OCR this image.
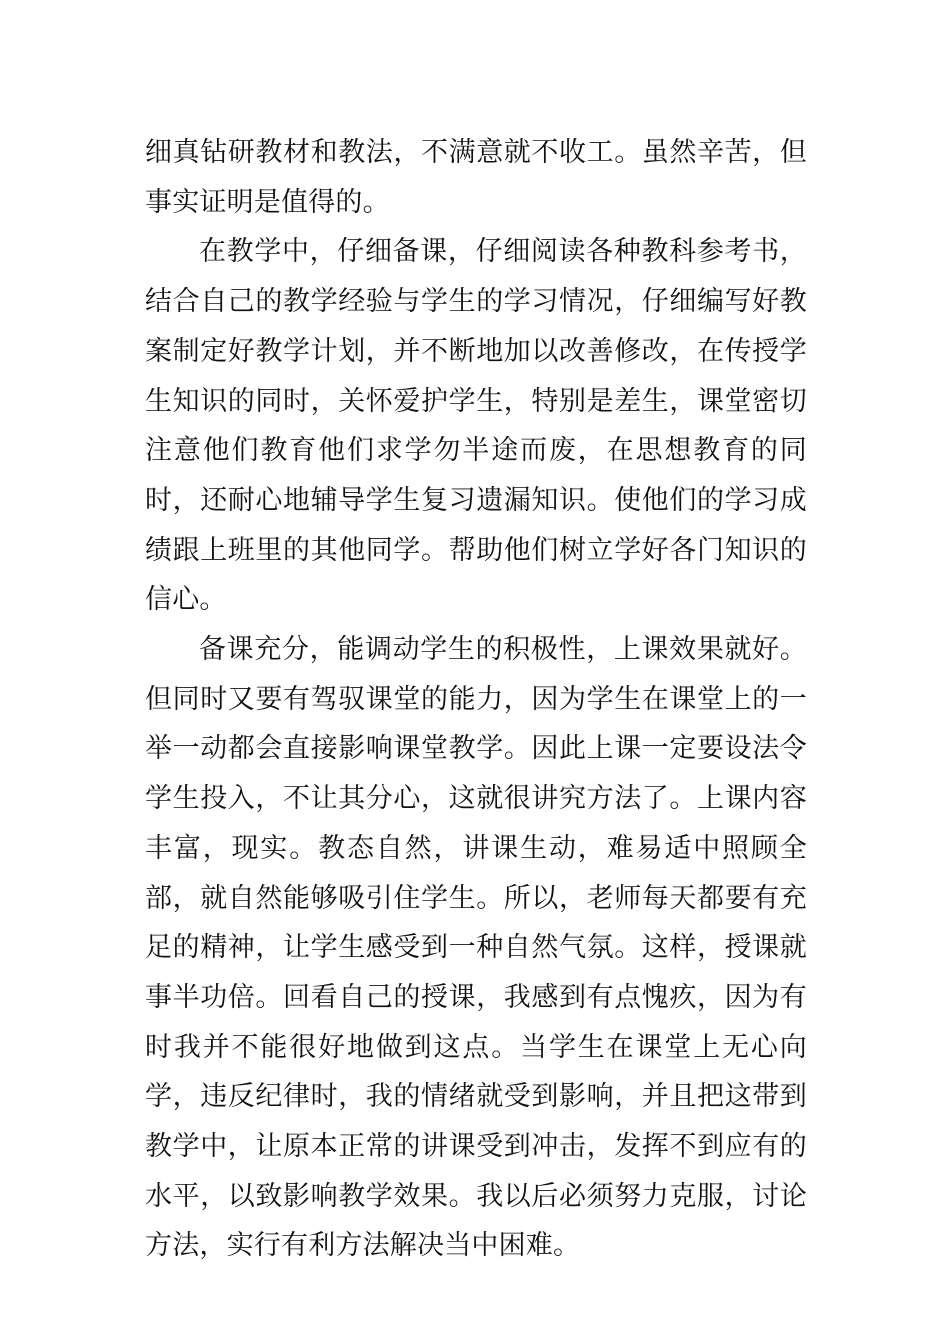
细真钻研教材和教法，不满意就不收工。虽然辛苦，但事实证明是值得的。

在教学中，仔细备课，仔细阅读各种教科参考书，结合自己的教学经验与学生的学习情况，仔细编写好教案制定好教学计划，并不断地加以改善修改，在传授学生知识的同时，关怀爱护学生，特别是差生，课堂密切注意他们教育他们求学勿半途而废，在思想教育的同时，还耐心地辅导学生复习遗漏知识。使他们的学习成绩跟上班里的其他同学。帮助他们树立学好各门知识的信心。

备课充分，能调动学生的积极性，上课效果就好。但同时又要有驾驭课堂的能力，因为学生在课堂上的一举一动都会直接影响课堂教学。因此上课一定要设法令学生投入，不让其分心，这就很讲究方法了。上课内容丰富，现实。教态自然，讲课生动，难易适中照顾全部，就自然能够吸引住学生。所以，老师每天都要有充足的精神，让学生感受到一种自然气氛。这样，授课就事半功倍。回看自己的授课，我感到有点愧疚，因为有时我并不能很好地做到这点。当学生在课堂上无心向学，违反纪律时，我的情绪就受到影响，并且把这带到教学中，让原本正常的讲课受到冲击，发挥不到应有的水平，以致影响教学效果。我以后必须努力克服，讨论方法，实行有利方法解决当中困难。
